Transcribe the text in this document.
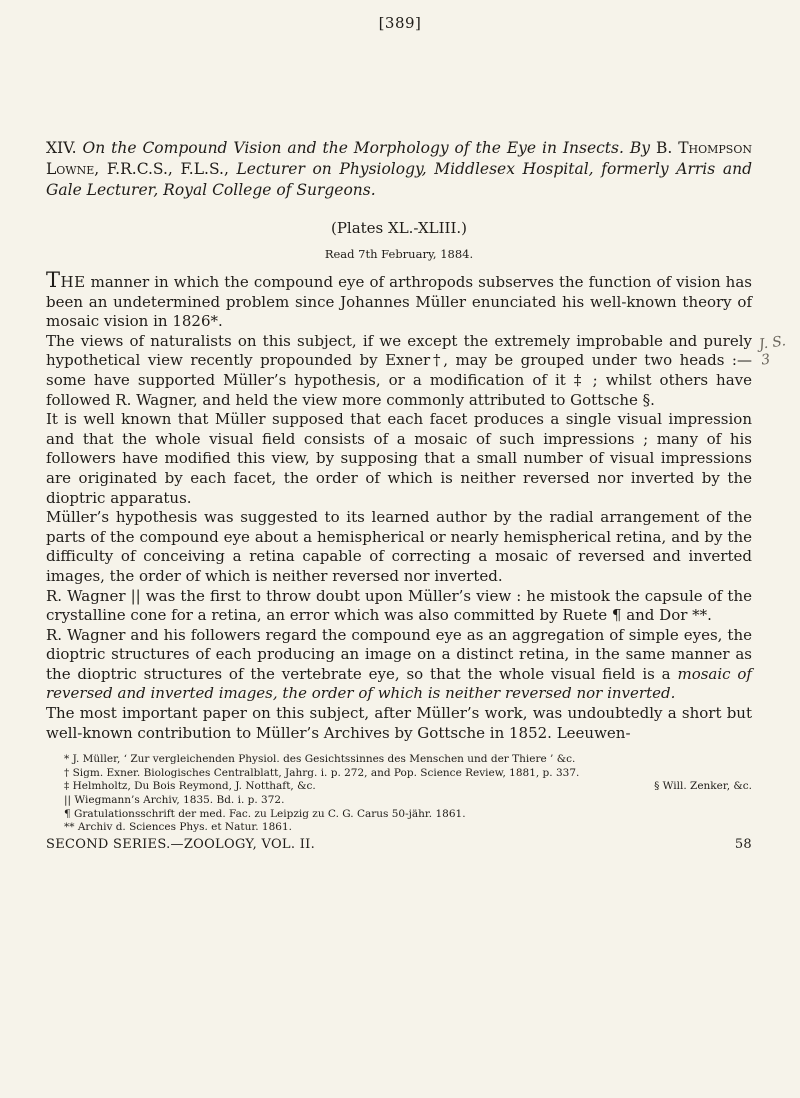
[389]
J. S. 3
XIV. On the Compound Vision and the Morphology of the Eye in Insects. By B. Thompson Lowne, F.R.C.S., F.L.S., Lecturer on Physiology, Middlesex Hospital, formerly Arris and Gale Lecturer, Royal College of Surgeons.
(Plates XL.-XLIII.)
Read 7th February, 1884.

The manner in which the compound eye of arthropods subserves the function of vision has been an undetermined problem since Johannes Müller enunciated his well-known theory of mosaic vision in 1826*.

The views of naturalists on this subject, if we except the extremely improbable and purely hypothetical view recently propounded by Exner†, may be grouped under two heads :—some have supported Müller’s hypothesis, or a modification of it ‡ ; whilst others have followed R. Wagner, and held the view more commonly attributed to Gottsche §.

It is well known that Müller supposed that each facet produces a single visual impression and that the whole visual field consists of a mosaic of such impressions ; many of his followers have modified this view, by supposing that a small number of visual impressions are originated by each facet, the order of which is neither reversed nor inverted by the dioptric apparatus.

Müller’s hypothesis was suggested to its learned author by the radial arrangement of the parts of the compound eye about a hemispherical or nearly hemispherical retina, and by the difficulty of conceiving a retina capable of correcting a mosaic of reversed and inverted images, the order of which is neither reversed nor inverted.

R. Wagner || was the first to throw doubt upon Müller’s view : he mistook the capsule of the crystalline cone for a retina, an error which was also committed by Ruete ¶ and Dor **.

R. Wagner and his followers regard the compound eye as an aggregation of simple eyes, the dioptric structures of each producing an image on a distinct retina, in the same manner as the dioptric structures of the vertebrate eye, so that the whole visual field is a mosaic of reversed and inverted images, the order of which is neither reversed nor inverted.

The most important paper on this subject, after Müller’s work, was undoubtedly a short but well-known contribution to Müller’s Archives by Gottsche in 1852. Leeuwen-

* J. Müller, ‘ Zur vergleichenden Physiol. des Gesichtssinnes des Menschen und der Thiere ’ &c.

† Sigm. Exner. Biologisches Centralblatt, Jahrg. i. p. 272, and Pop. Science Review, 1881, p. 337.

‡ Helmholtz, Du Bois Reymond, J. Notthaft, &c.	§ Will. Zenker, &c.

|| Wiegmann’s Archiv, 1835. Bd. i. p. 372.

¶ Gratulationsschrift der med. Fac. zu Leipzig zu C. G. Carus 50-jähr. 1861.

** Archiv d. Sciences Phys. et Natur. 1861.

SECOND SERIES.—ZOOLOGY, VOL. II.	58
